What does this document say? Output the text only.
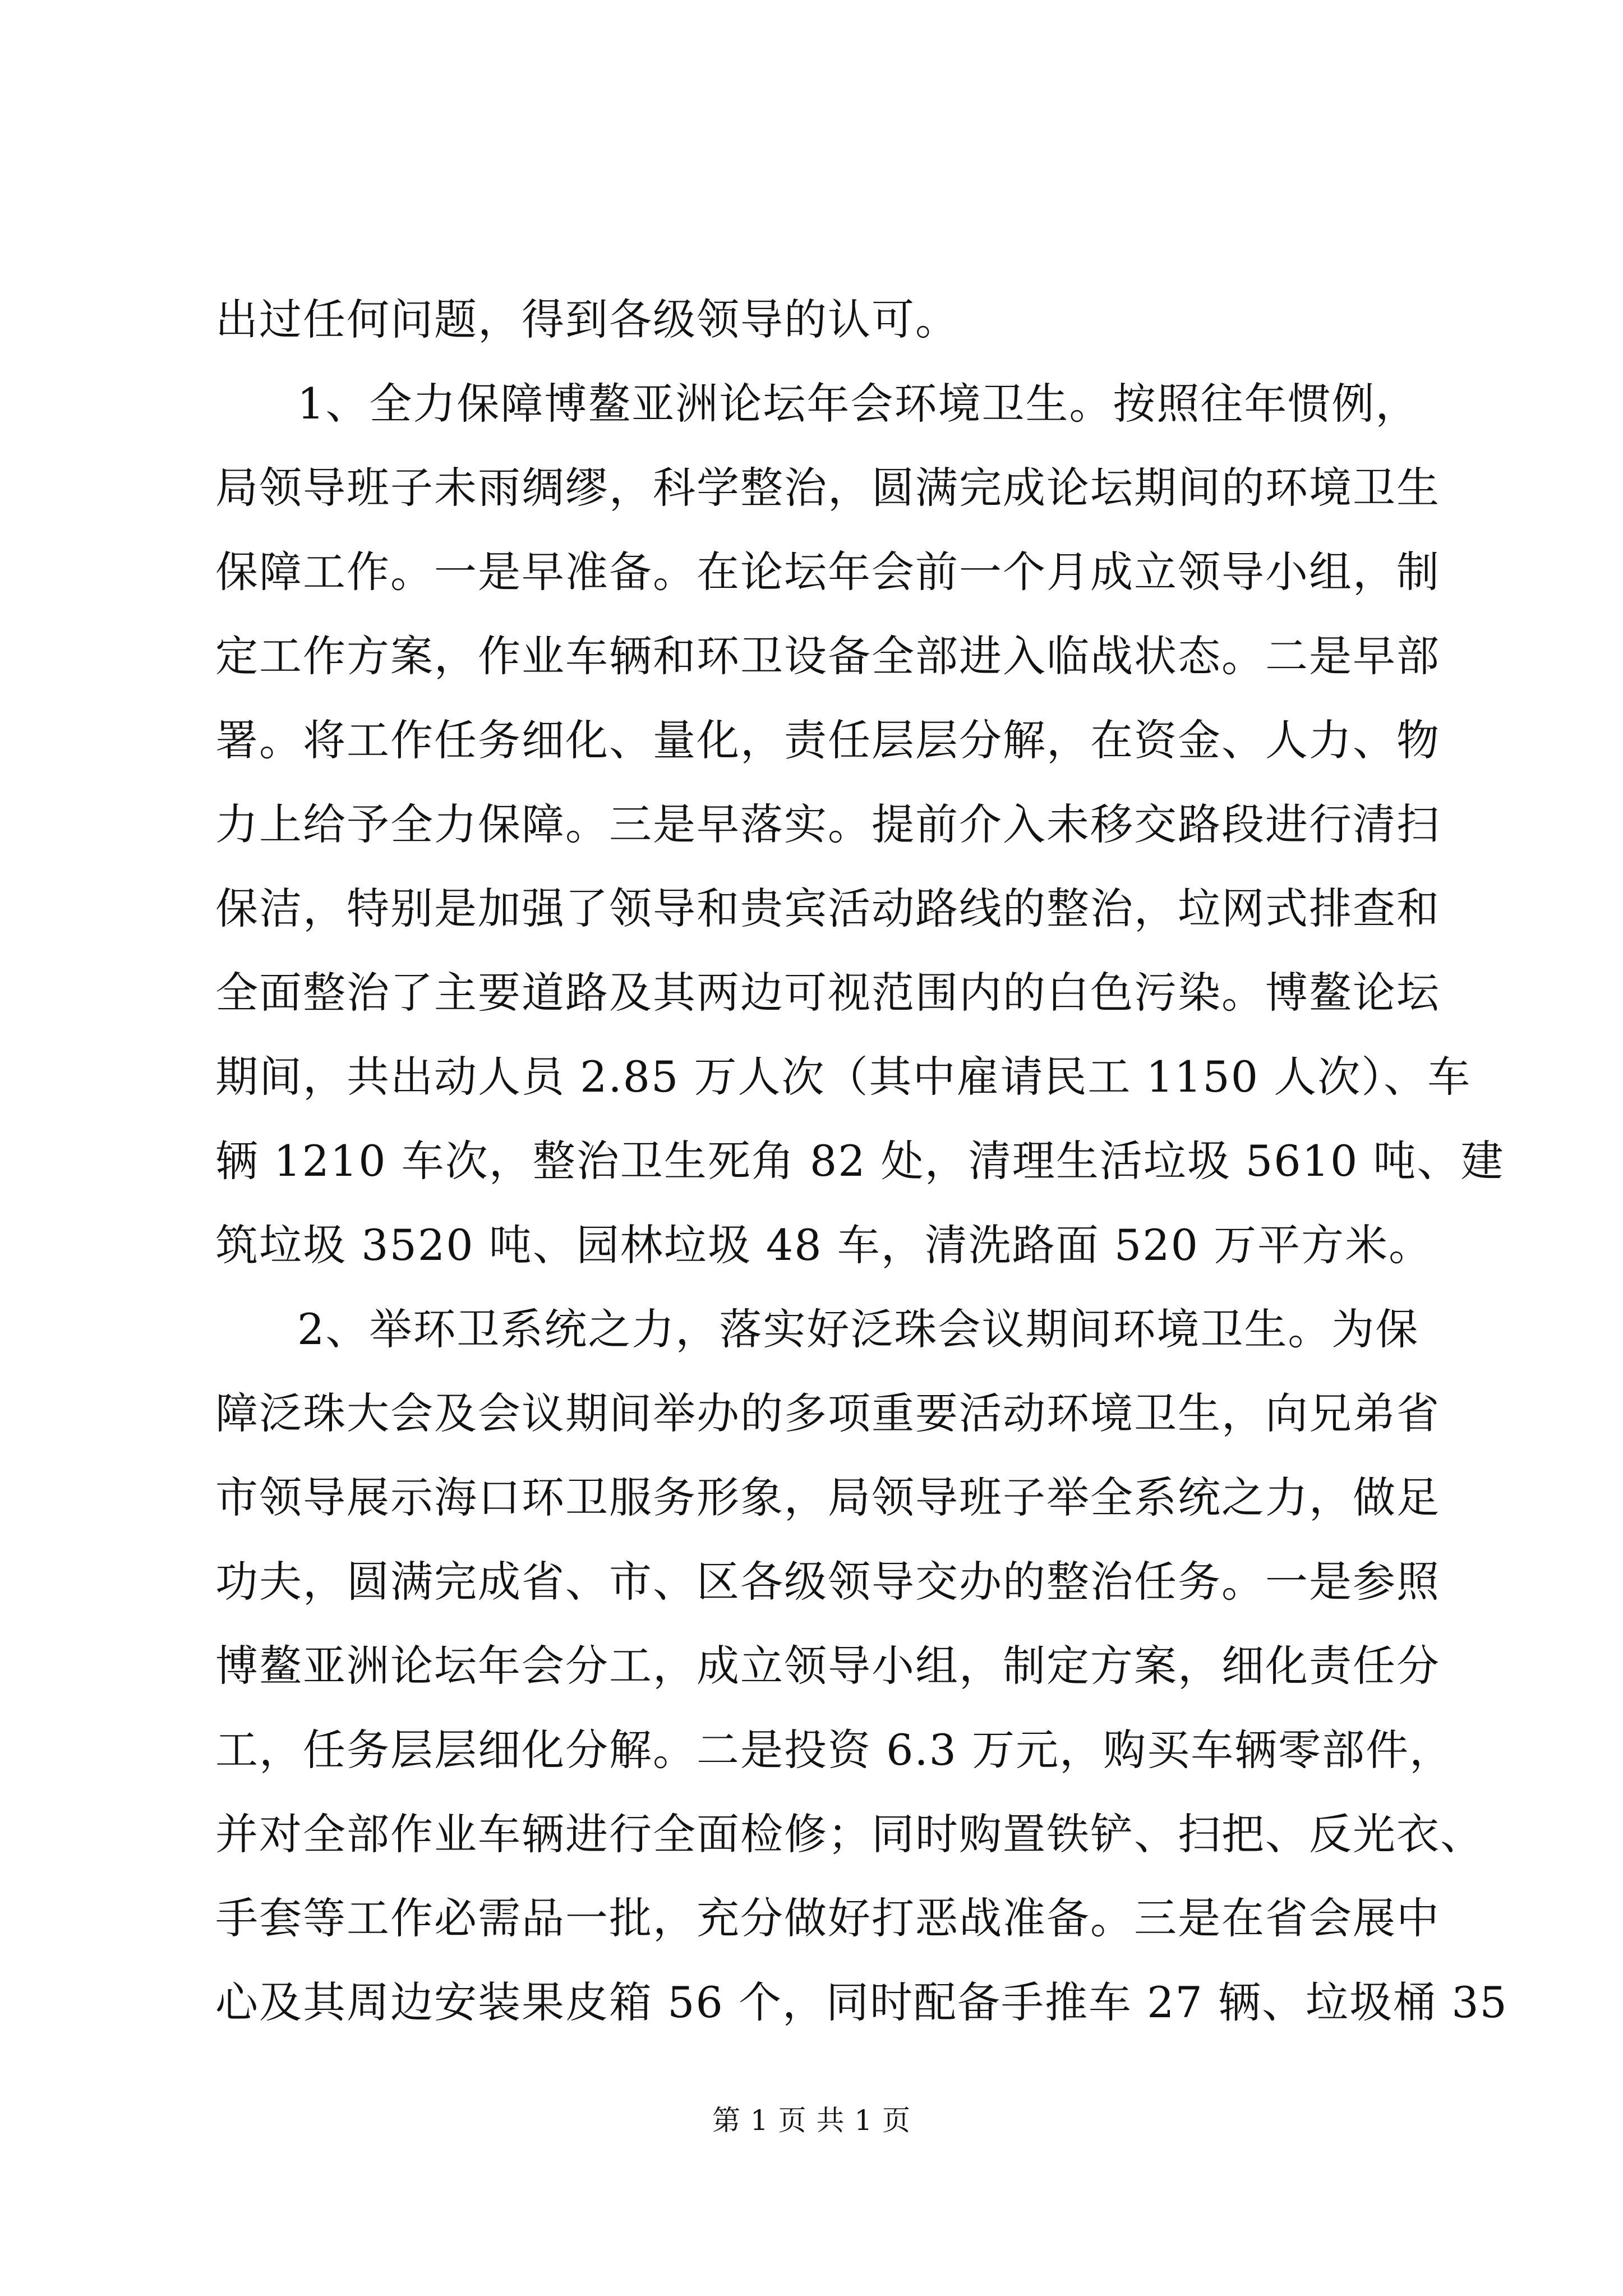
出过任何问题，得到各级领导的认可。
1、全力保障博鳌亚洲论坛年会环境卫生。按照往年惯例，
局领导班子未雨绸缪，科学整治，圆满完成论坛期间的环境卫生
保障工作。一是早准备。在论坛年会前一个月成立领导小组，制
定工作方案，作业车辆和环卫设备全部进入临战状态。二是早部
署。将工作任务细化、量化，责任层层分解，在资金、人力、物
力上给予全力保障。三是早落实。提前介入未移交路段进行清扫
保洁，特别是加强了领导和贵宾活动路线的整治，垃网式排查和
全面整治了主要道路及其两边可视范围内的白色污染。博鳌论坛
期间，共出动人员 2.85 万人次（其中雇请民工 1150 人次）、车
辆 1210 车次，整治卫生死角 82 处，清理生活垃圾 5610 吨、建
筑垃圾 3520 吨、园林垃圾 48 车，清洗路面 520 万平方米。
2、举环卫系统之力，落实好泛珠会议期间环境卫生。为保
障泛珠大会及会议期间举办的多项重要活动环境卫生，向兄弟省
市领导展示海口环卫服务形象，局领导班子举全系统之力，做足
功夫，圆满完成省、市、区各级领导交办的整治任务。一是参照
博鳌亚洲论坛年会分工，成立领导小组，制定方案，细化责任分
工，任务层层细化分解。二是投资 6.3 万元，购买车辆零部件，
并对全部作业车辆进行全面检修；同时购置铁铲、扫把、反光衣、
手套等工作必需品一批，充分做好打恶战准备。三是在省会展中
心及其周边安装果皮箱 56 个，同时配备手推车 27 辆、垃圾桶 35
第 1 页 共 1 页
